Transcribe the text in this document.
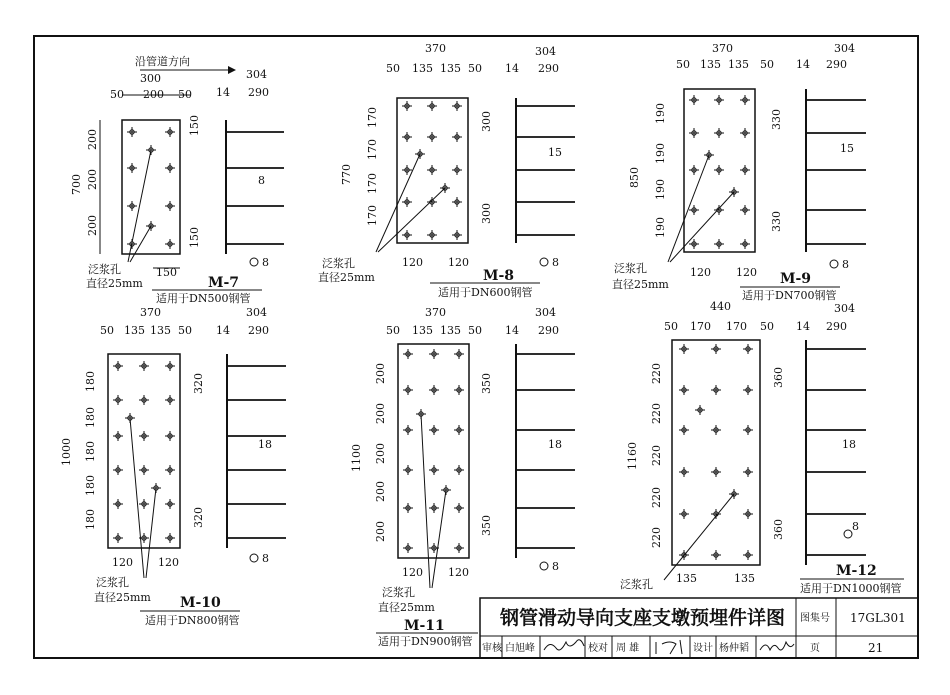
沿管道方向
300
50 200 50
700
200
200
200
150
150
150
泛浆孔
直径25mm	M-7
适用于DN500钢管
304
14 290
8
8
370
50 135 135 50
770
170
170
170
170
300
300
120 120
泛浆孔
直径25mm	M-8
适用于DN600钢管
304
14 290
15
8
370
50 135 135 50
850
190
190
190
190
330
330
120 120
泛浆孔
直径25mm	M-9
适用于DN700钢管
304
14 290
15
8
370
50 135 135 50
1000
180
180
180
180
180
320
320
120 120
泛浆孔
直径25mm M-10
适用于DN800钢管
304
14 290
18
8
370
50 135 135 50
1100
200
200
200
200
200
350
350
120 120
泛浆孔
直径25mm
M-11
适用于DN900钢管
304
14 290
18
8
440
50 170 170 50
1160
220
220
220
220
220
360
360
135	135
泛浆孔
M-12
适用于DN1000钢管
304
14 290
18
8
钢管滑动导向支座支墩预埋件详图 图集号 17GL301
页	21
审核 白旭峰	校对 周 雄	设计 杨仲韬
